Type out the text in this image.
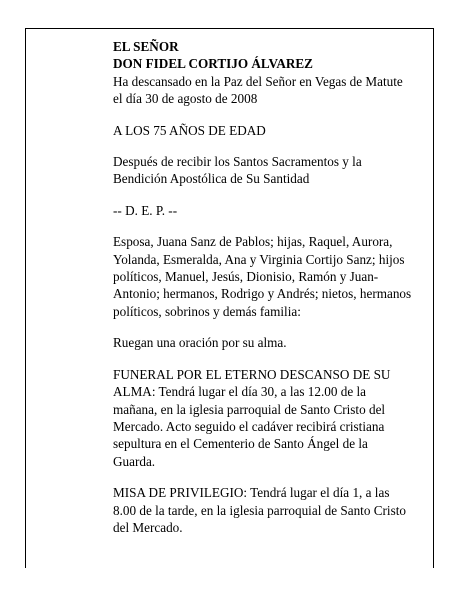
EL SEÑOR
DON FIDEL CORTIJO ÁLVAREZ
Ha descansado en la Paz del Señor en Vegas de Matute el día 30 de agosto de 2008

A LOS 75 AÑOS DE EDAD

Después de recibir los Santos Sacramentos y la Bendición Apostólica de Su Santidad

-- D. E. P. --

Esposa, Juana Sanz de Pablos; hijas, Raquel, Aurora, Yolanda, Esmeralda, Ana y Virginia Cortijo Sanz; hijos políticos, Manuel, Jesús, Dionisio, Ramón y Juan-Antonio; hermanos, Rodrigo y Andrés; nietos, hermanos políticos, sobrinos y demás familia:

Ruegan una oración por su alma.

FUNERAL POR EL ETERNO DESCANSO DE SU ALMA: Tendrá lugar el día 30, a las 12.00 de la mañana, en la iglesia parroquial de Santo Cristo del Mercado. Acto seguido el cadáver recibirá cristiana sepultura en el Cementerio de Santo Ángel de la Guarda.

MISA DE PRIVILEGIO: Tendrá lugar el día 1, a las 8.00 de la tarde, en la iglesia parroquial de Santo Cristo del Mercado.
